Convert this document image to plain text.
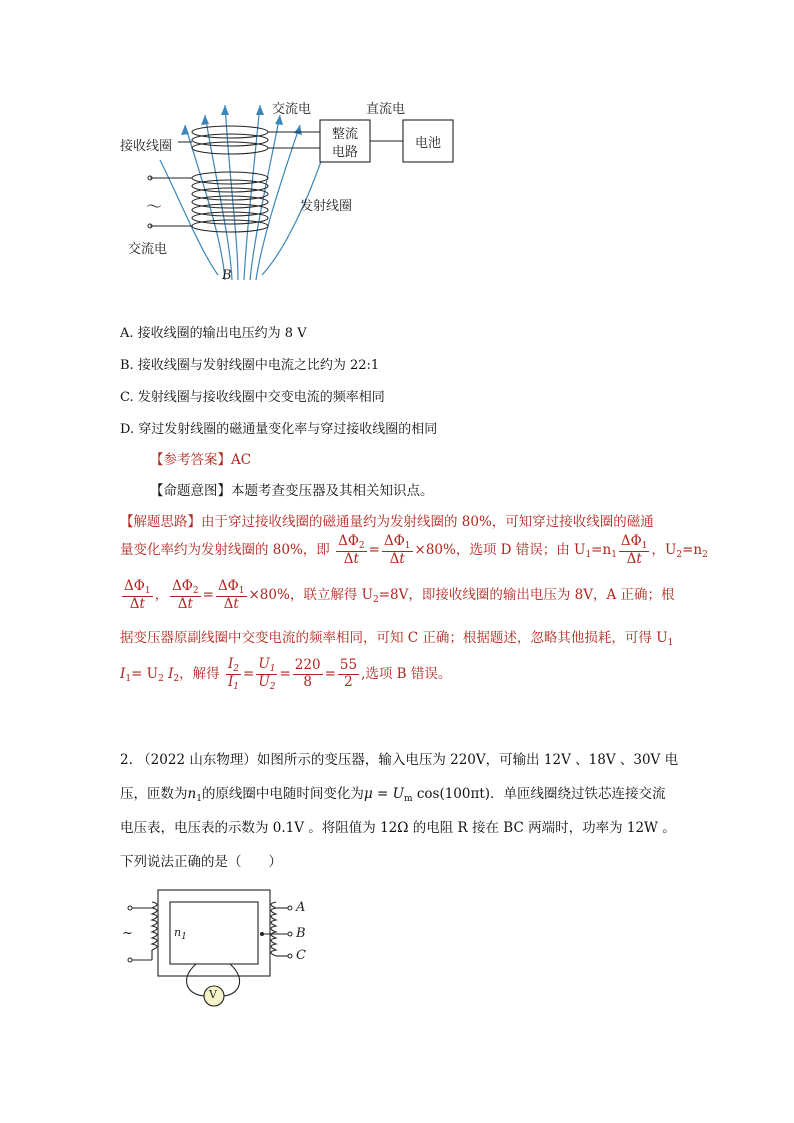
交流电	直流电
接收线圈
整流
电路
电池
～	发射线圈
交流电
B
A. 接收线圈的输出电压约为 8 V
B. 接收线圈与发射线圈中电流之比约为 22:1
C. 发射线圈与接收线圈中交变电流的频率相同
D. 穿过发射线圈的磁通量变化率与穿过接收线圈的相同
【参考答案】AC
【命题意图】本题考查变压器及其相关知识点。
【解题思路】由于穿过接收线圈的磁通量约为发射线圈的 80%，可知穿过接收线圈的磁通
量变化率约为发射线圈的 80%，即 $\frac{\Delta\Phi_2}{\Delta t} = \frac{\Delta\Phi_1}{\Delta t} \times 80\%$，选项 D 错误；由 $U_1=n_1 \frac{\Delta\Phi_1}{\Delta t}$ ，$U_2=n_2$
$\frac{\Delta\Phi_1}{\Delta t}$ ， $\frac{\Delta\Phi_2}{\Delta t} = \frac{\Delta\Phi_1}{\Delta t} \times 80\%$，联立解得 $U_2=8V$，即接收线圈的输出电压为 8V，A 正确；根
据变压器原副线圈中交变电流的频率相同，可知 C 正确；根据题述，忽略其他损耗，可得 $U_1$
$I_1= U_2$ $I_2$，解得 $\frac{I_2}{I_1} = \frac{U_1}{U_2} = \frac{220}{8} = \frac{55}{2}$ ,选项 B 错误。
2. （2022 山东物理）如图所示的变压器，输入电压为 220V，可输出 12V 、18V 、30V 电
压，匝数为$n_1$的原线圈中电随时间变化为$\mu = U_m$ cos(100πt)．单匝线圈绕过铁芯连接交流
电压表，电压表的示数为 0.1V 。将阻值为 12Ω 的电阻 R 接在 BC 两端时，功率为 12W 。
下列说法正确的是（　　）
A
B
C
$n_1$
~
V
